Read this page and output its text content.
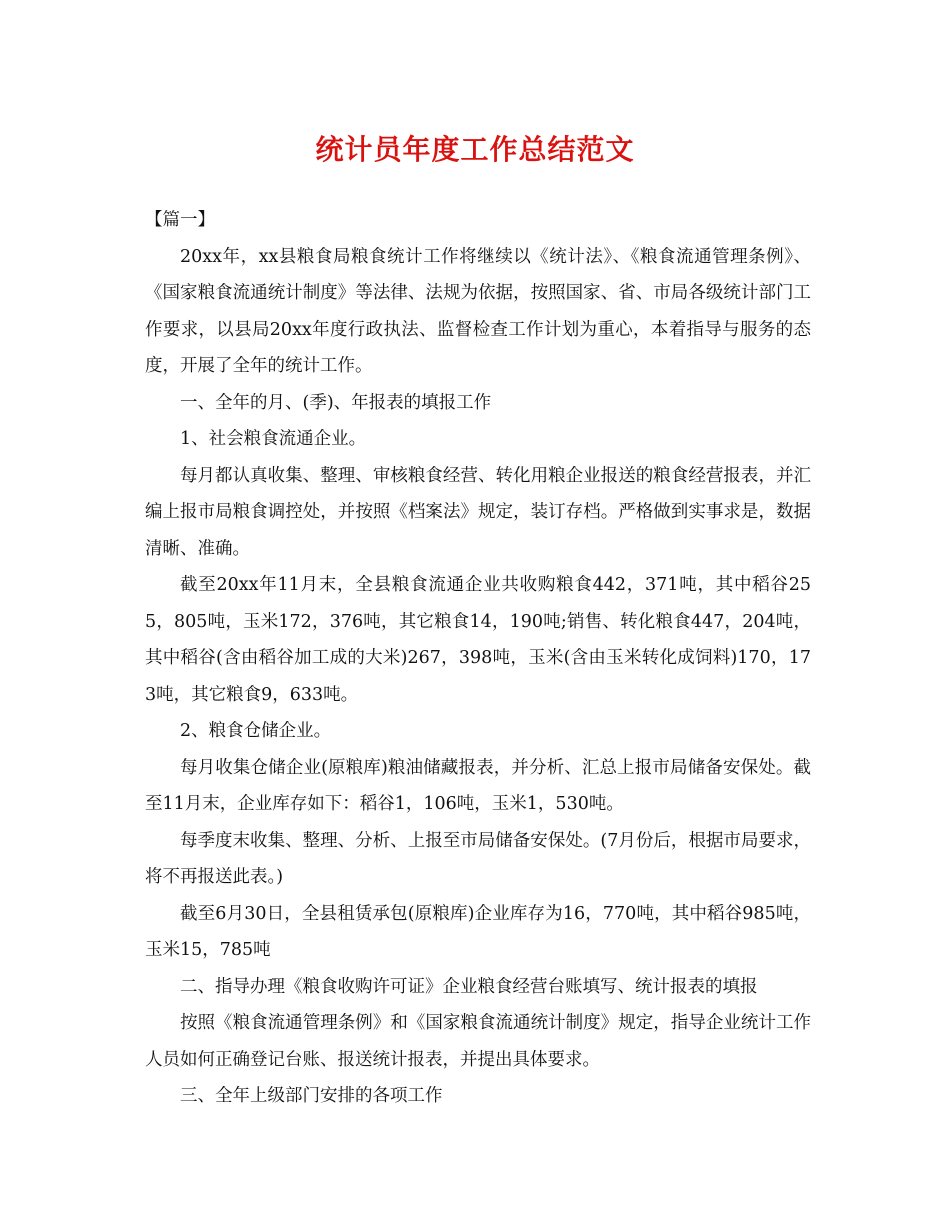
统计员年度工作总结范文

【篇一】

20xx年，xx县粮食局粮食统计工作将继续以《统计法》、《粮食流通管理条例》、《国家粮食流通统计制度》等法律、法规为依据，按照国家、省、市局各级统计部门工作要求，以县局20xx年度行政执法、监督检查工作计划为重心，本着指导与服务的态度，开展了全年的统计工作。

一、全年的月、(季)、年报表的填报工作

1、社会粮食流通企业。

每月都认真收集、整理、审核粮食经营、转化用粮企业报送的粮食经营报表，并汇编上报市局粮食调控处，并按照《档案法》规定，装订存档。严格做到实事求是，数据清晰、准确。

截至20xx年11月末，全县粮食流通企业共收购粮食442，371吨，其中稻谷255，805吨，玉米172，376吨，其它粮食14，190吨;销售、转化粮食447，204吨，其中稻谷(含由稻谷加工成的大米)267，398吨，玉米(含由玉米转化成饲料)170，173吨，其它粮食9，633吨。

2、粮食仓储企业。

每月收集仓储企业(原粮库)粮油储藏报表，并分析、汇总上报市局储备安保处。截至11月末，企业库存如下：稻谷1，106吨，玉米1，530吨。

每季度末收集、整理、分析、上报至市局储备安保处。(7月份后，根据市局要求，将不再报送此表。)

截至6月30日，全县租赁承包(原粮库)企业库存为16，770吨，其中稻谷985吨，玉米15，785吨

二、指导办理《粮食收购许可证》企业粮食经营台账填写、统计报表的填报

按照《粮食流通管理条例》和《国家粮食流通统计制度》规定，指导企业统计工作人员如何正确登记台账、报送统计报表，并提出具体要求。

三、全年上级部门安排的各项工作
